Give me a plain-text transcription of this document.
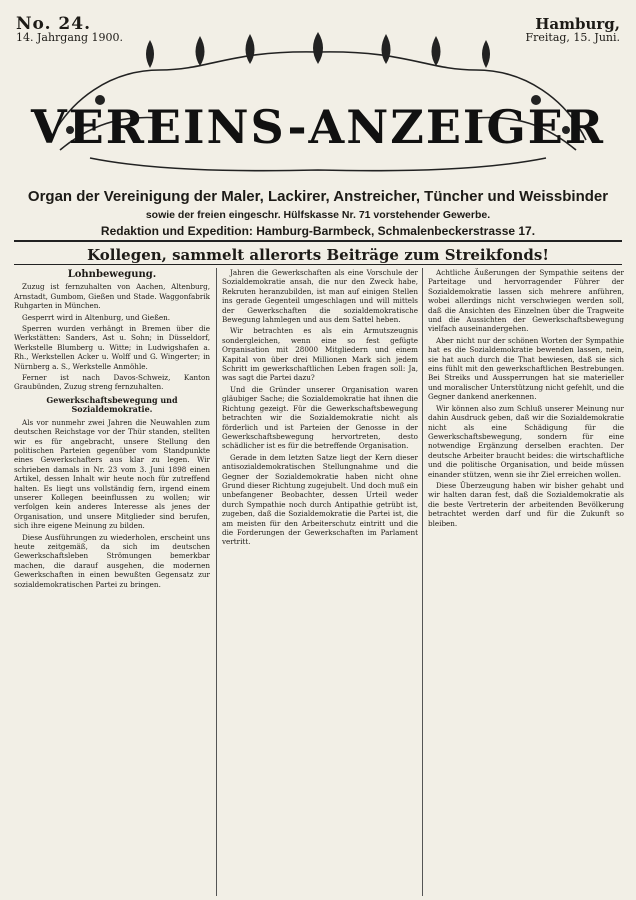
No. 24.
14. Jahrgang 1900.
Hamburg,
Freitag, 15. Juni.
VEREINS-ANZEIGER
Organ der Vereinigung der Maler, Lackirer, Anstreicher, Tüncher und Weissbinder
sowie der freien eingeschr. Hülfskasse Nr. 71 vorstehender Gewerbe.
Redaktion und Expedition: Hamburg-Barmbeck, Schmalenbeckerstrasse 17.
Kollegen, sammelt allerorts Beiträge zum Streikfonds!
Lohnbewegung.

Zuzug ist fernzuhalten von Aachen, Altenburg, Arnstadt, Gumbom, Gießen und Stade. Waggonfabrik Ruhgarten in München.

Gesperrt wird in Altenburg, und Gießen.

Sperren wurden verhängt in Bremen über die Werkstätten: Sanders, Ast u. Sohn; in Düsseldorf, Werkstelle Blumberg u. Witte; in Ludwigshafen a. Rh., Werkstellen Acker u. Wolff und G. Wingerter; in Nürnberg a. S., Werkstelle Anmöhle.

Ferner ist nach Davos-Schweiz, Kanton Graubünden, Zuzug streng fernzuhalten.

Gewerkschaftsbewegung und Sozialdemokratie.

Als vor nunmehr zwei Jahren die Neuwahlen zum deutschen Reichstage vor der Thür standen, stellten wir es für angebracht, unsere Stellung den politischen Parteien gegenüber vom Standpunkte eines Gewerkschafters aus klar zu legen. Wir schrieben damals in Nr. 23 vom 3. Juni 1898 einen Artikel, dessen Inhalt wir heute noch für zutreffend halten. Es liegt uns vollständig fern, irgend einem unserer Kollegen beeinflussen zu wollen; wir verfolgen kein anderes Interesse als jenes der Organisation, und unsere Mitglieder sind berufen, sich ihre eigene Meinung zu bilden.

Diese Ausführungen zu wiederholen, erscheint uns heute zeitgemäß, da sich im deutschen Gewerkschaftsleben Strömungen bemerkbar machen, die darauf ausgehen, die modernen Gewerkschaften in einen bewußten Gegensatz zur sozialdemokratischen Partei zu bringen.

Jahren die Gewerkschaften als eine Vorschule der Sozialdemokratie ansah, die nur den Zweck habe, Rekruten heranzubilden, ist man auf einigen Stellen ins gerade Gegenteil umgeschlagen und will mittels der Gewerkschaften die sozialdemokratische Bewegung lahmlegen und aus dem Sattel heben.

Wir betrachten es als ein Armutszeugnis sondergleichen, wenn eine so fest gefügte Organisation mit 28000 Mitgliedern und einem Kapital von über drei Millionen Mark sich jedem Schritt im gewerkschaftlichen Leben fragen soll: Ja, was sagt die Partei dazu?

Und die Gründer unserer Organisation waren gläubiger Sache; die Sozialdemokratie hat ihnen die Richtung gezeigt. Für die Gewerkschaftsbewegung betrachten wir die Sozialdemokratie nicht als förderlich und ist Parteien der Genosse in der Gewerkschaftsbewegung hervortreten, desto schädlicher ist es für die betreffende Organisation.

Gerade in dem letzten Satze liegt der Kern dieser antisozialdemokratischen Stellungnahme und die Gegner der Sozialdemokratie haben nicht ohne Grund dieser Richtung zugejubelt. Und doch muß ein unbefangener Beobachter, dessen Urteil weder durch Sympathie noch durch Antipathie getrübt ist, zugeben, daß die Sozialdemokratie die Partei ist, die am meisten für den Arbeiterschutz eintritt und die die Forderungen der Gewerkschaften im Parlament vertritt.

Achtliche Äußerungen der Sympathie seitens der Parteitage und hervorragender Führer der Sozialdemokratie lassen sich mehrere anführen, wobei allerdings nicht verschwiegen werden soll, daß die Ansichten des Einzelnen über die Tragweite und die Aussichten der Gewerkschaftsbewegung vielfach auseinandergehen.

Aber nicht nur der schönen Worten der Sympathie hat es die Sozialdemokratie bewenden lassen, nein, sie hat auch durch die That bewiesen, daß sie sich eins fühlt mit den gewerkschaftlichen Bestrebungen. Bei Streiks und Aussperrungen hat sie materieller und moralischer Unterstützung nicht gefehlt, und die Gegner dankend anerkennen.

Wir können also zum Schluß unserer Meinung nur dahin Ausdruck geben, daß wir die Sozialdemokratie nicht als eine Schädigung für die Gewerkschaftsbewegung, sondern für eine notwendige Ergänzung derselben erachten. Der deutsche Arbeiter braucht beides: die wirtschaftliche und die politische Organisation, und beide müssen einander stützen, wenn sie ihr Ziel erreichen wollen.

Diese Überzeugung haben wir bisher gehabt und wir halten daran fest, daß die Sozialdemokratie als die beste Vertreterin der arbeitenden Bevölkerung betrachtet werden darf und für die Zukunft so bleiben.
